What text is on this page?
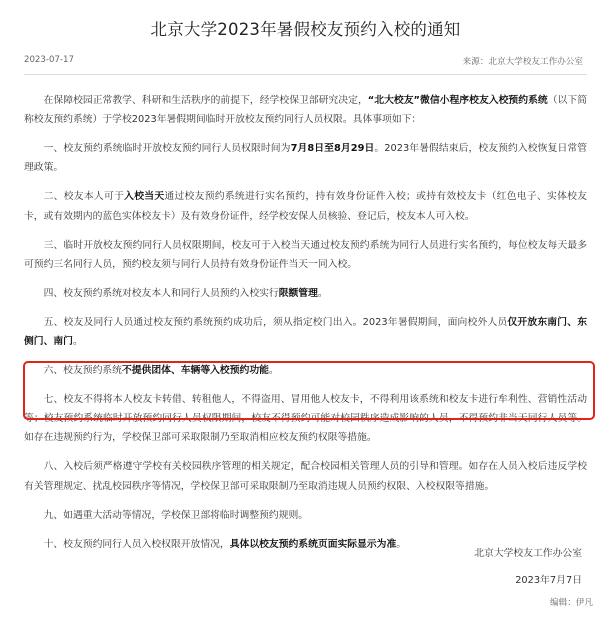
北京大学2023年暑假校友预约入校的通知
2023-07-17	来源：北京大学校友工作办公室

在保障校园正常教学、科研和生活秩序的前提下，经学校保卫部研究决定，“北大校友”微信小程序校友入校预约系统（以下简称校友预约系统）于学校2023年暑假期间临时开放校友预约同行人员权限。具体事项如下：

一、校友预约系统临时开放校友预约同行人员权限时间为7月8日至8月29日。2023年暑假结束后，校友预约入校恢复日常管理政策。

二、校友本人可于入校当天通过校友预约系统进行实名预约，持有效身份证件入校；或持有效校友卡（红色电子、实体校友卡，或有效期内的蓝色实体校友卡）及有效身份证件，经学校安保人员核验、登记后，校友本人可入校。

三、临时开放校友预约同行人员权限期间，校友可于入校当天通过校友预约系统为同行人员进行实名预约，每位校友每天最多可预约三名同行人员，预约校友须与同行人员持有效身份证件当天一同入校。

四、校友预约系统对校友本人和同行人员预约入校实行限额管理。

五、校友及同行人员通过校友预约系统预约成功后，须从指定校门出入。2023年暑假期间，面向校外人员仅开放东南门、东侧门、南门。

六、校友预约系统不提供团体、车辆等入校预约功能。

七、校友不得将本人校友卡转借、转租他人，不得盗用、冒用他人校友卡，不得利用该系统和校友卡进行牟利性、营销性活动等；校友预约系统临时开放预约同行人员权限期间，校友不得预约可能对校园秩序造成影响的人员，不得预约非当天同行人员等。如存在违规预约行为，学校保卫部可采取限制乃至取消相应校友预约权限等措施。

八、入校后须严格遵守学校有关校园秩序管理的相关规定，配合校园相关管理人员的引导和管理。如存在人员入校后违反学校有关管理规定、扰乱校园秩序等情况，学校保卫部可采取限制乃至取消违规人员预约权限、入校权限等措施。

九、如遇重大活动等情况，学校保卫部将临时调整预约规则。

十、校友预约同行人员入校权限开放情况，具体以校友预约系统页面实际显示为准。

北京大学校友工作办公室
2023年7月7日
编辑：伊凡
